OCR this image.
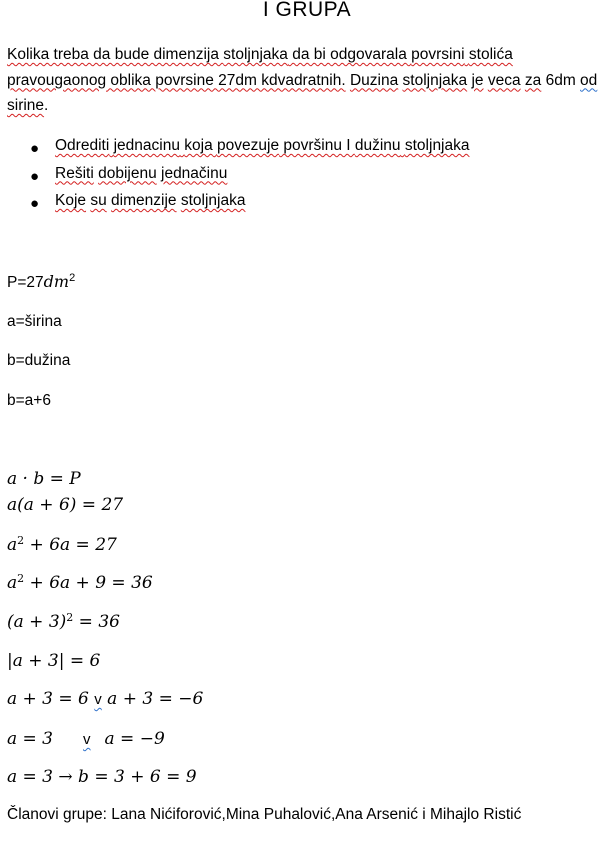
I GRUPA
Kolika treba da bude dimenzija stoljnjaka da bi odgovarala povrsini stolića pravougaonog oblika povrsine 27dm kdvadratnih. Duzina stoljnjaka je veca za 6dm od sirine.
● Odrediti jednacinu koja povezuje površinu I dužinu stoljnjaka
● Rešiti dobijenu jednačinu
● Koje su dimenzije stoljnjaka
$P=27dm^2$
a=širina
b=dužina
b=a+6
a · b = P
a(a + 6) = 27
$a^2 + 6a = 27$
$a^2 + 6a + 9 = 36$
$(a + 3)^2 = 36$
|a + 3| = 6
a + 3 = 6 v a + 3 = −6
a = 3 v a = −9
a = 3 → b = 3 + 6 = 9
Članovi grupe: Lana Nićiforović,Mina Puhalović,Ana Arsenić i Mihajlo Ristić
